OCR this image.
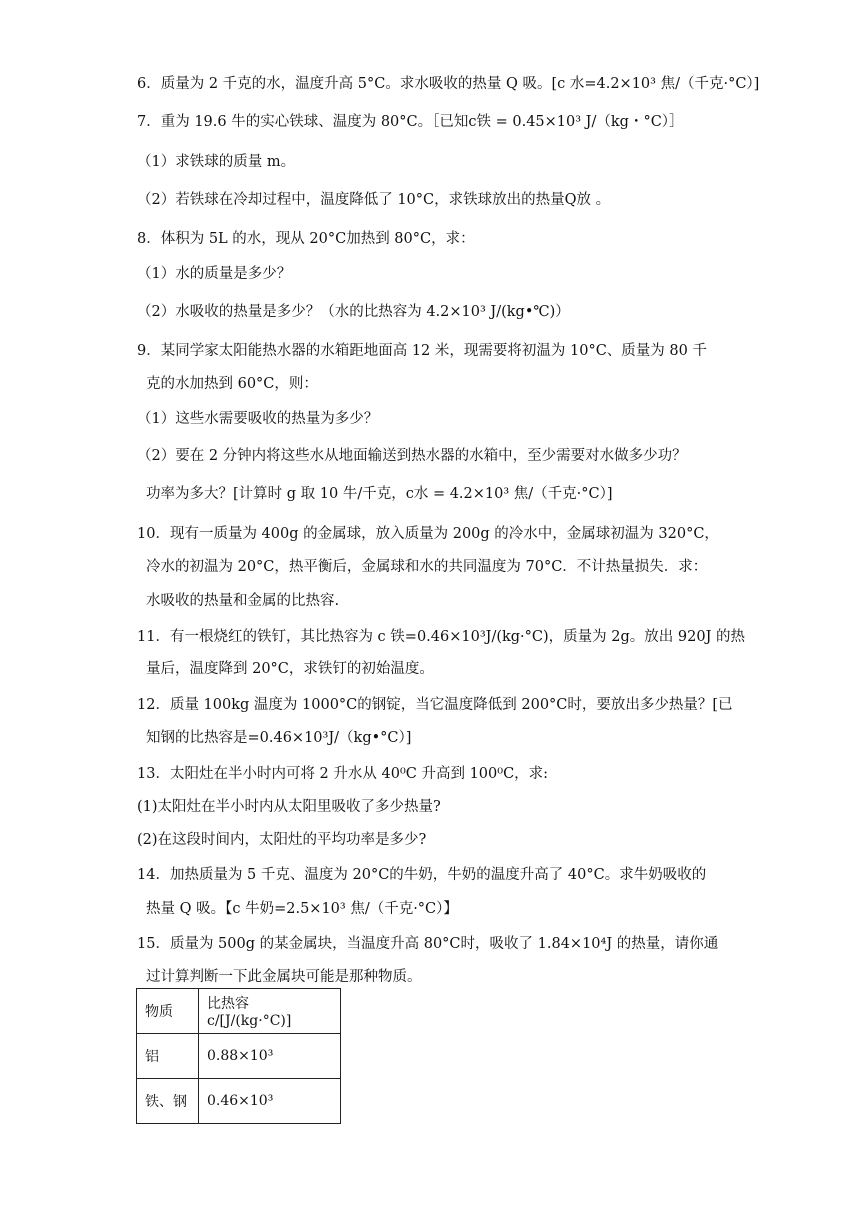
6．质量为 2 千克的水，温度升高 5°C。求水吸收的热量 Q 吸。[c 水=4.2×10³ 焦/（千克·°C）]
7．重为 19.6 牛的实心铁球、温度为 80°C。［已知c铁 = 0.45×10³ J/（kg・°C）］
（1）求铁球的质量 m。
（2）若铁球在冷却过程中，温度降低了 10°C，求铁球放出的热量Q放 。
8．体积为 5L 的水，现从 20°C加热到 80°C，求：
（1）水的质量是多少？
（2）水吸收的热量是多少？（水的比热容为 4.2×10³ J/(kg•℃)）
9．某同学家太阳能热水器的水箱距地面高 12 米，现需要将初温为 10°C、质量为 80 千
克的水加热到 60°C，则：
（1）这些水需要吸收的热量为多少？
（2）要在 2 分钟内将这些水从地面输送到热水器的水箱中，至少需要对水做多少功？
功率为多大？[计算时 g 取 10 牛/千克，c水 = 4.2×10³ 焦/（千克·°C）]
10．现有一质量为 400g 的金属球，放入质量为 200g 的冷水中，金属球初温为 320°C，
冷水的初温为 20°C，热平衡后，金属球和水的共同温度为 70°C．不计热量损失．求：
水吸收的热量和金属的比热容.
11．有一根烧红的铁钉，其比热容为 c 铁=0.46×10³J/(kg·°C)，质量为 2g。放出 920J 的热
量后，温度降到 20°C，求铁钉的初始温度。
12．质量 100kg 温度为 1000°C的钢锭，当它温度降低到 200°C时，要放出多少热量？[已
知钢的比热容是=0.46×10³J/（kg•°C）]
13．太阳灶在半小时内可将 2 升水从 40⁰C 升高到 100⁰C，求:
(1)太阳灶在半小时内从太阳里吸收了多少热量?
(2)在这段时间内，太阳灶的平均功率是多少?
14．加热质量为 5 千克、温度为 20°C的牛奶，牛奶的温度升高了 40°C。求牛奶吸收的
热量 Q 吸。【c 牛奶=2.5×10³ 焦/（千克·°C）】
15．质量为 500g 的某金属块，当温度升高 80°C时，吸收了 1.84×10⁴J 的热量，请你通
过计算判断一下此金属块可能是那种物质。
物质	比热容 c/[J/(kg·°C)]
铝	0.88×10³
铁、钢	0.46×10³
